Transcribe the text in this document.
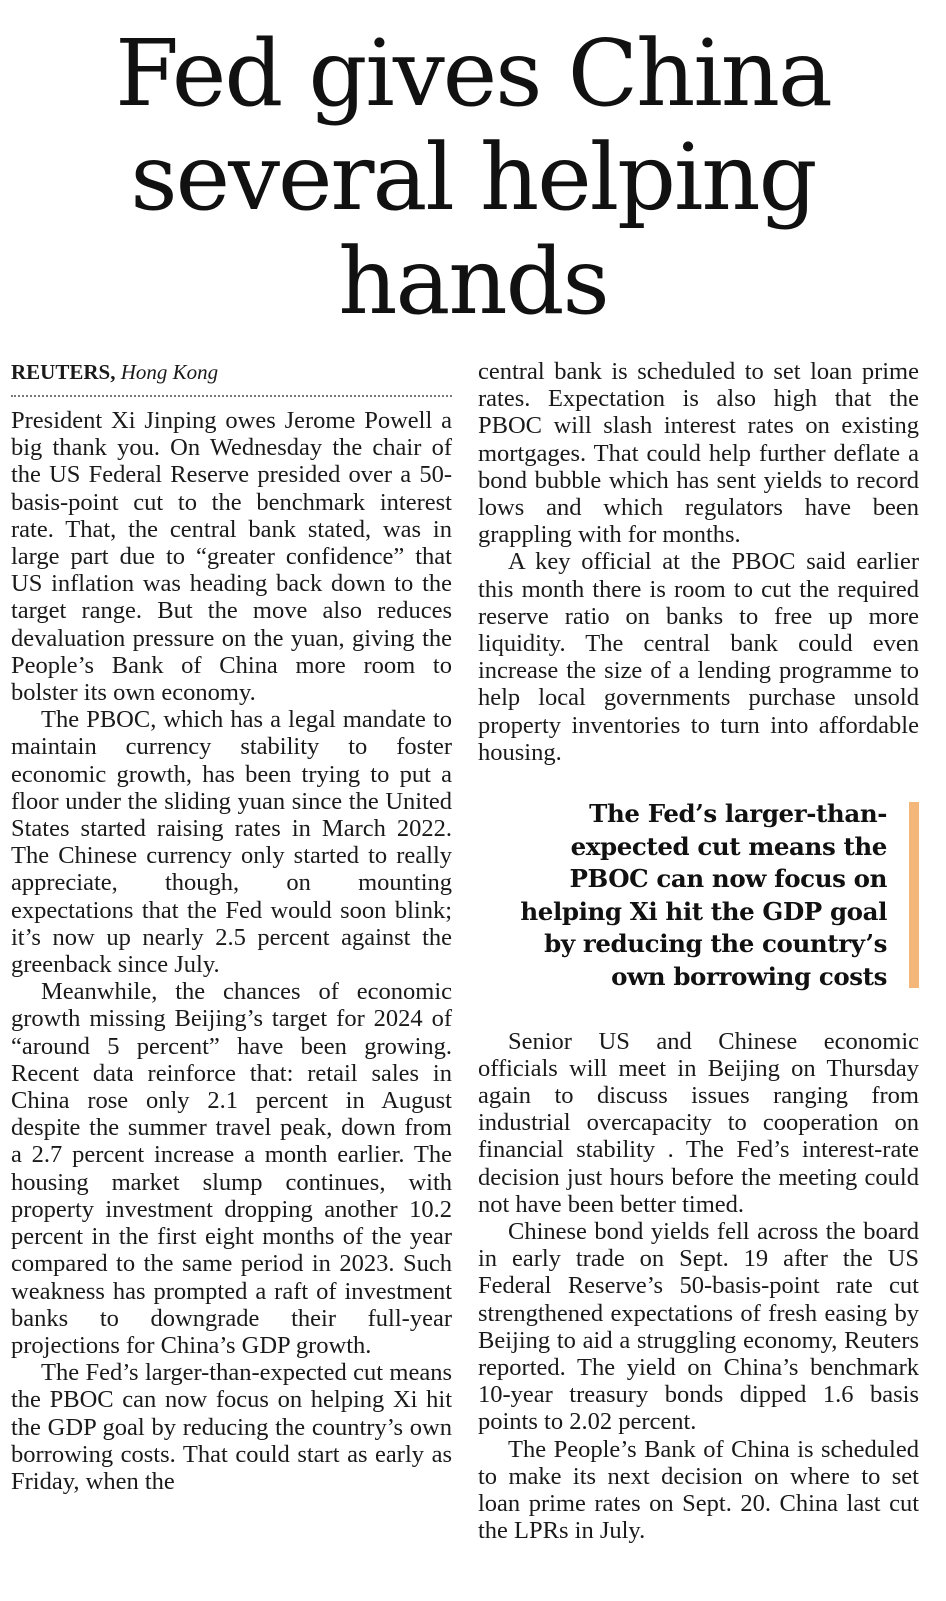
Fed gives China
several helping
hands
REUTERS, Hong Kong

President Xi Jinping owes Jerome Powell a big thank you. On Wednesday the chair of the US Federal Reserve presided over a 50-basis-point cut to the benchmark interest rate. That, the central bank stated, was in large part due to “greater confidence” that US inflation was heading back down to the target range. But the move also reduces devaluation pressure on the yuan, giving the People’s Bank of China more room to bolster its own economy.

The PBOC, which has a legal mandate to maintain currency stability to foster economic growth, has been trying to put a floor under the sliding yuan since the United States started raising rates in March 2022. The Chinese currency only started to really appreciate, though, on mounting expectations that the Fed would soon blink; it’s now up nearly 2.5 percent against the greenback since July.

Meanwhile, the chances of economic growth missing Beijing’s target for 2024 of “around 5 percent” have been growing. Recent data reinforce that: retail sales in China rose only 2.1 percent in August despite the summer travel peak, down from a 2.7 percent increase a month earlier. The housing market slump continues, with property investment dropping another 10.2 percent in the first eight months of the year compared to the same period in 2023. Such weakness has prompted a raft of investment banks to downgrade their full-year projections for China’s GDP growth.

The Fed’s larger-than-expected cut means the PBOC can now focus on helping Xi hit the GDP goal by reducing the country’s own borrowing costs. That could start as early as Friday, when the

central bank is scheduled to set loan prime rates. Expectation is also high that the PBOC will slash interest rates on existing mortgages. That could help further deflate a bond bubble which has sent yields to record lows and which regulators have been grappling with for months.

A key official at the PBOC said earlier this month there is room to cut the required reserve ratio on banks to free up more liquidity. The central bank could even increase the size of a lending programme to help local governments purchase unsold property inventories to turn into affordable housing.

The Fed’s larger-than-
expected cut means the
PBOC can now focus on
helping Xi hit the GDP goal
by reducing the country’s
own borrowing costs

Senior US and Chinese economic officials will meet in Beijing on Thursday again to discuss issues ranging from industrial overcapacity to cooperation on financial stability . The Fed’s interest-rate decision just hours before the meeting could not have been better timed.

Chinese bond yields fell across the board in early trade on Sept. 19 after the US Federal Reserve’s 50-basis-point rate cut strengthened expectations of fresh easing by Beijing to aid a struggling economy, Reuters reported. The yield on China’s benchmark 10-year treasury bonds dipped 1.6 basis points to 2.02 percent.

The People’s Bank of China is scheduled to make its next decision on where to set loan prime rates on Sept. 20. China last cut the LPRs in July.
